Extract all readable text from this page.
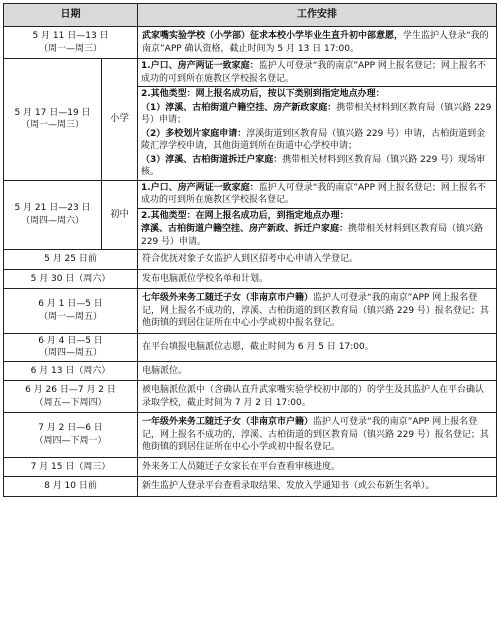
日期		工作安排
5 月 11 日—13 日
（周一—周三）		武家嘴实验学校（小学部）征求本校小学毕业生直升初中部意愿，学生监护人登录“我的南京”APP 确认资格，截止时间为 5 月 13 日 17:00。

5 月 17 日—19 日
（周一—周三）	小学	1.户口、房产两证一致家庭：监护人可登录“我的南京”APP 网上报名登记；网上报名不成功的可到所在施教区学校报名登记。

		2.其他类型：网上报名成功后，按以下类别到指定地点办理：

（1）淳溪、古柏街道户籍空挂、房产新政家庭：携带相关材料到区教育局（镇兴路 229 号）申请；

（2）多校划片家庭申请：淳溪街道到区教育局（镇兴路 229 号）申请，古柏街道到金陵汇淳学校申请，其他街道到所在街道中心学校申请；

（3）淳溪、古柏街道拆迁户家庭：携带相关材料到区教育局（镇兴路 229 号）现场审核。

5 月 21 日—23 日
（周四—周六）	初中	1.户口、房产两证一致家庭：监护人可登录“我的南京”APP 网上报名登记；网上报名不成功的可到所在施教区学校报名登记。

		2.其他类型：在网上报名成功后，到指定地点办理：

淳溪、古柏街道户籍空挂、房产新政、拆迁户家庭：携带相关材料到区教育局（镇兴路 229 号）申请。

5 月 25 日前		符合优抚对象子女监护人到区招考中心申请入学登记。

5 月 30 日（周六）		发布电脑派位学校名单和计划。

6 月 1 日—5 日
（周一—周五）		七年级外来务工随迁子女（非南京市户籍）监护人可登录“我的南京”APP 网上报名登记，网上报名不成功的，淳溪、古柏街道的到区教育局（镇兴路 229 号）报名登记；其他街镇的到居住证所在中心小学或初中报名登记。

6 月 4 日—5 日
（周四—周五）		在平台填报电脑派位志愿，截止时间为 6 月 5 日 17:00。

6 月 13 日（周六）		电脑派位。

6 月 26 日—7 月 2 日
（周五—下周四）		被电脑派位派中（含确认直升武家嘴实验学校初中部的）的学生及其监护人在平台确认录取学校，截止时间为 7 月 2 日 17:00。

7 月 2 日—6 日
（周四—下周一）		一年级外来务工随迁子女（非南京市户籍）监护人可登录“我的南京”APP 网上报名登记，网上报名不成功的，淳溪、古柏街道的到区教育局（镇兴路 229 号）报名登记；其他街镇的到居住证所在中心小学或初中报名登记。

7 月 15 日（周三）		外来务工人员随迁子女家长在平台查看审核进度。

8 月 10 日前		新生监护人登录平台查看录取结果、发放入学通知书（或公布新生名单）。
